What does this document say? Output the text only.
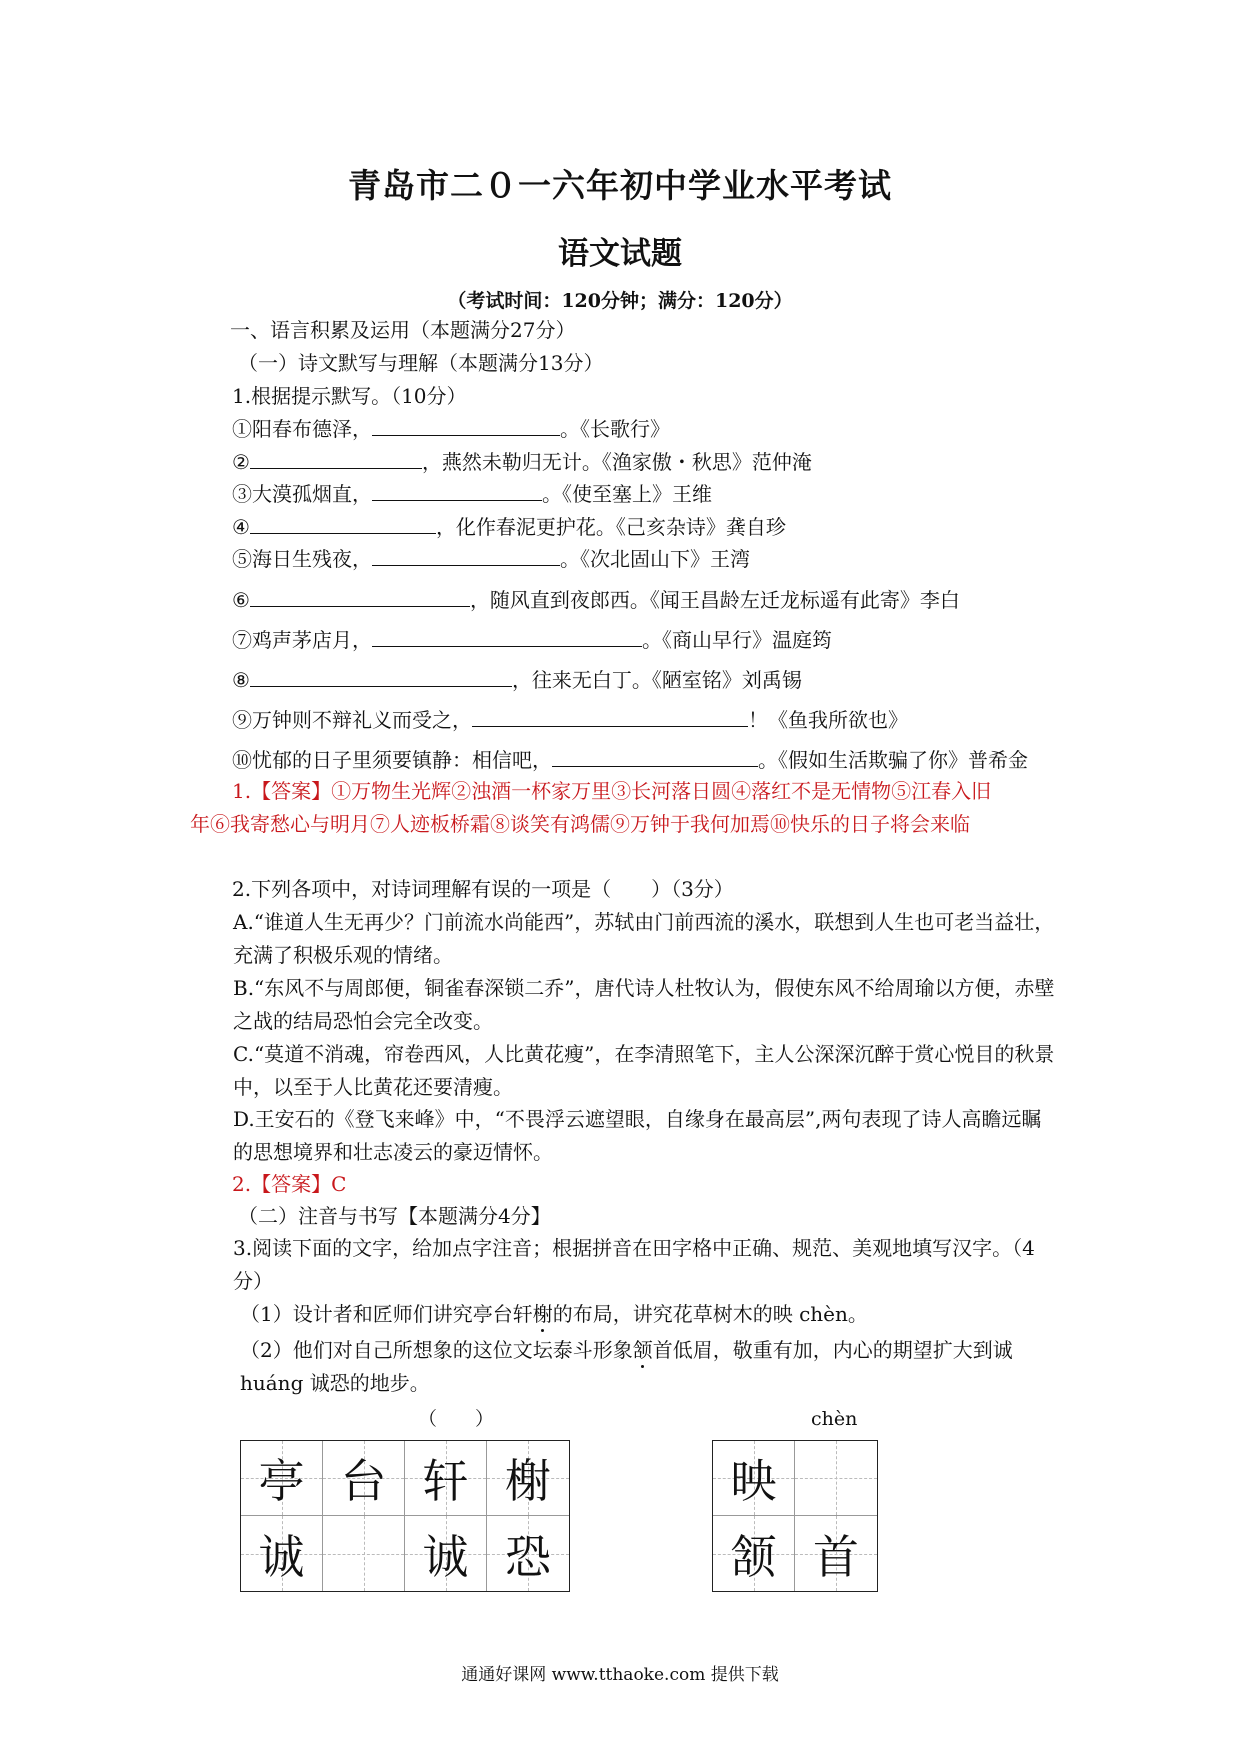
青岛市二０一六年初中学业水平考试
语文试题
（考试时间：120分钟；满分：120分）
一、语言积累及运用（本题满分27分）
（一）诗文默写与理解（本题满分13分）
1.根据提示默写。（10分）
①阳春布德泽，	。《长歌行》
②	，燕然未勒归无计。《渔家傲・秋思》范仲淹
③大漠孤烟直，	。《使至塞上》王维
④	，化作春泥更护花。《己亥杂诗》龚自珍
⑤海日生残夜，	。《次北固山下》王湾
⑥	，随风直到夜郎西。《闻王昌龄左迁龙标遥有此寄》李白
⑦鸡声茅店月，	。《商山早行》温庭筠
⑧	，往来无白丁。《陋室铭》刘禹锡
⑨万钟则不辩礼义而受之，	！《鱼我所欲也》
⑩忧郁的日子里须要镇静：相信吧，	。《假如生活欺骗了你》普希金
1.【答案】①万物生光辉②浊酒一杯家万里③长河落日圆④落红不是无情物⑤江春入旧
年⑥我寄愁心与明月⑦人迹板桥霜⑧谈笑有鸿儒⑨万钟于我何加焉⑩快乐的日子将会来临
2.下列各项中，对诗词理解有误的一项是（　　）（3分）
A.“谁道人生无再少？门前流水尚能西”，苏轼由门前西流的溪水，联想到人生也可老当益壮，充满了积极乐观的情绪。
B.“东风不与周郎便，铜雀春深锁二乔”，唐代诗人杜牧认为，假使东风不给周瑜以方便，赤壁之战的结局恐怕会完全改变。
C.“莫道不消魂，帘卷西风，人比黄花瘦”，在李清照笔下，主人公深深沉醉于赏心悦目的秋景中，以至于人比黄花还要清瘦。
D.王安石的《登飞来峰》中，“不畏浮云遮望眼，自缘身在最高层”,两句表现了诗人高瞻远瞩的思想境界和壮志凌云的豪迈情怀。
2.【答案】C
（二）注音与书写【本题满分4分】
3.阅读下面的文字，给加点字注音；根据拼音在田字格中正确、规范、美观地填写汉字。（4分）
（1）设计者和匠师们讲究亭台轩榭的布局，讲究花草树木的映 chèn。
（2）他们对自己所想象的这位文坛泰斗形象颔首低眉，敬重有加，内心的期望扩大到诚 huáng 诚恐的地步。
（　　）	chèn
亭 台 轩 榭
诚	诚 恐
映
颔 首
通通好课网 www.tthaoke.com 提供下载
